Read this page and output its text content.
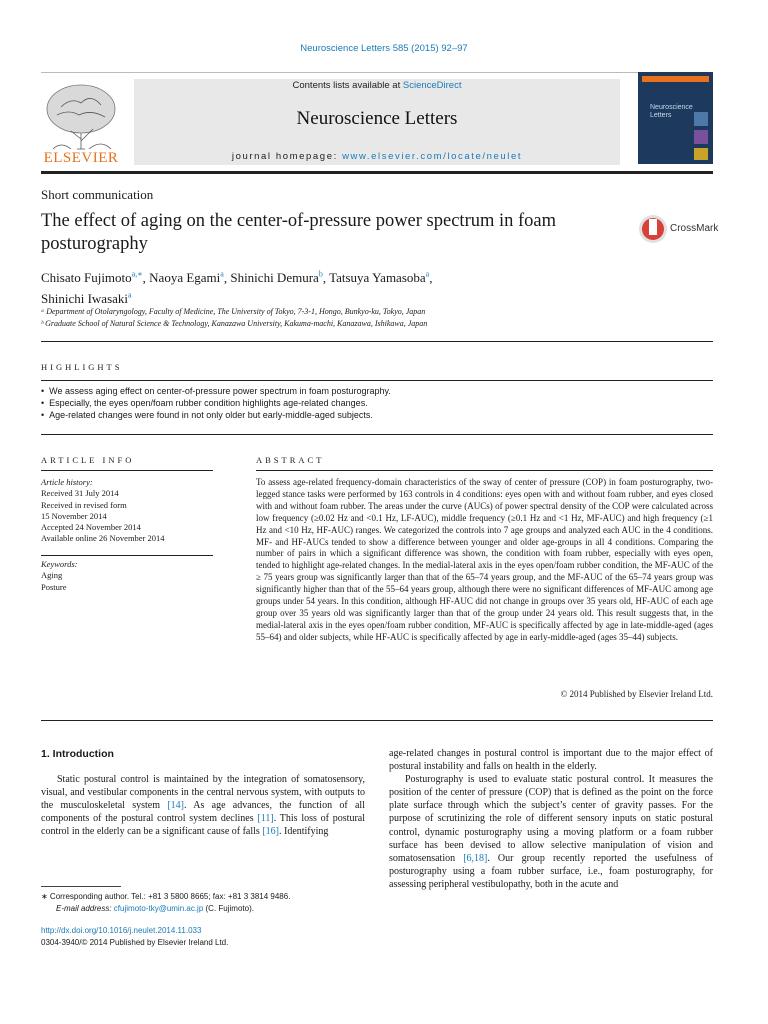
Neuroscience Letters 585 (2015) 92–97
ELSEVIER
Contents lists available at ScienceDirect
Neuroscience Letters
journal homepage: www.elsevier.com/locate/neulet
Neuroscience Letters
Short communication
The effect of aging on the center-of-pressure power spectrum in foam posturography
CrossMark
Chisato Fujimoto$^{a,∗}$, Naoya Egami$^a$, Shinichi Demura$^b$, Tatsuya Yamasoba$^a$,
Shinichi Iwasaki$^a$
ᵃ Department of Otolaryngology, Faculty of Medicine, The University of Tokyo, 7-3-1, Hongo, Bunkyo-ku, Tokyo, Japan
ᵇ Graduate School of Natural Science & Technology, Kanazawa University, Kakuma-machi, Kanazawa, Ishikawa, Japan
HIGHLIGHTS
• We assess aging effect on center-of-pressure power spectrum in foam posturography.
• Especially, the eyes open/foam rubber condition highlights age-related changes.
• Age-related changes were found in not only older but early-middle-aged subjects.
ARTICLE INFO
Article history:
Received 31 July 2014
Received in revised form
15 November 2014
Accepted 24 November 2014
Available online 26 November 2014
Keywords:
Aging
Posture
ABSTRACT
To assess age-related frequency-domain characteristics of the sway of center of pressure (COP) in foam posturography, two-legged stance tasks were performed by 163 controls in 4 conditions: eyes open with and without foam rubber, and eyes closed with and without foam rubber. The areas under the curve (AUCs) of power spectral density of the COP were calculated across low frequency (≥0.02 Hz and <0.1 Hz, LF-AUC), middle frequency (≥0.1 Hz and <1 Hz, MF-AUC) and high frequency (≥1 Hz and <10 Hz, HF-AUC) ranges. We categorized the controls into 7 age groups and analyzed each AUC in the 4 conditions. MF- and HF-AUCs tended to show a difference between younger and older age-groups in all 4 conditions. Comparing the number of pairs in which a significant difference was shown, the condition with foam rubber, especially with eyes open, tended to highlight age-related changes. In the medial-lateral axis in the eyes open/foam rubber condition, the MF-AUC of the ≥ 75 years group was significantly larger than that of the 65–74 years group, and the MF-AUC of the 65–74 years group was significantly higher than that of the 55–64 years group, although there were no significant differences of MF-AUC among age groups under 54 years. In this condition, although HF-AUC did not change in groups over 35 years old, HF-AUC of each age group over 35 years old was significantly larger than that of the group under 24 years old. This result suggests that, in the medial-lateral axis in the eyes open/foam rubber condition, MF-AUC is specifically affected by age in late-middle-aged (ages 55–64) and older subjects, while HF-AUC is specifically affected by age in early-middle-aged (ages 35–44) subjects.
© 2014 Published by Elsevier Ireland Ltd.
1. Introduction

Static postural control is maintained by the integration of somatosensory, visual, and vestibular components in the central nervous system, with outputs to the musculoskeletal system [14]. As age advances, the function of all components of the postural control system declines [11]. This loss of postural control in the elderly can be a significant cause of falls [16]. Identifying

age-related changes in postural control is important due to the major effect of postural instability and falls on health in the elderly.

Posturography is used to evaluate static postural control. It measures the position of the center of pressure (COP) that is defined as the point on the force plate surface through which the subject’s center of gravity passes. For the purpose of scrutinizing the role of different sensory inputs on static postural control, dynamic posturography using a moving platform or a foam rubber surface has been devised to allow selective manipulation of vision and somatosensation [6,18]. Our group recently reported the usefulness of posturography using a foam rubber surface, i.e., foam posturography, for assessing peripheral vestibulopathy, both in the acute and

∗ Corresponding author. Tel.: +81 3 5800 8665; fax: +81 3 3814 9486.
E-mail address: cfujimoto-tky@umin.ac.jp (C. Fujimoto).
http://dx.doi.org/10.1016/j.neulet.2014.11.033
0304-3940/© 2014 Published by Elsevier Ireland Ltd.
